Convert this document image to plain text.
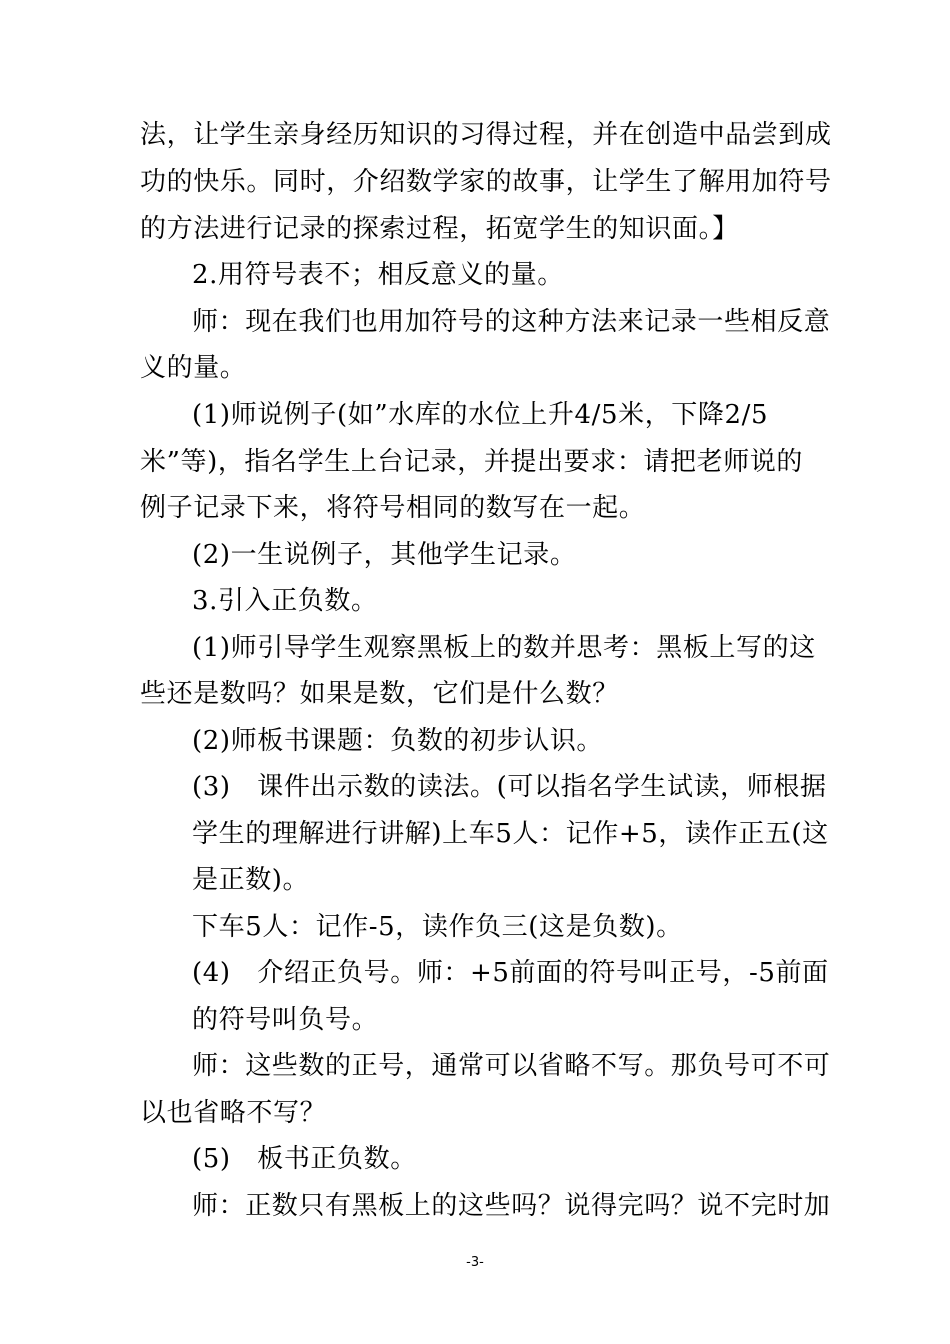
法，让学生亲身经历知识的习得过程，并在创造中品尝到成
功的快乐。同时，介绍数学家的故事，让学生了解用加符号
的方法进行记录的探索过程，拓宽学生的知识面。】
2.用符号表不；相反意义的量。
师：现在我们也用加符号的这种方法来记录一些相反意
义的量。
(1)师说例子(如”水库的水位上升4/5米，下降2/5
米”等)，指名学生上台记录，并提出要求：请把老师说的
例子记录下来，将符号相同的数写在一起。
(2)一生说例子，其他学生记录。
3.引入正负数。
(1)师引导学生观察黑板上的数并思考：黑板上写的这
些还是数吗？如果是数，它们是什么数？
(2)师板书课题：负数的初步认识。
(3)　课件出示数的读法。(可以指名学生试读，师根据
学生的理解进行讲解)上车5人：记作+5，读作正五(这
是正数)。
下车5人：记作-5，读作负三(这是负数)。
(4)　介绍正负号。师：+5前面的符号叫正号，-5前面
的符号叫负号。
师：这些数的正号，通常可以省略不写。那负号可不可
以也省略不写？
(5)　板书正负数。
师：正数只有黑板上的这些吗？说得完吗？说不完时加
-3-
